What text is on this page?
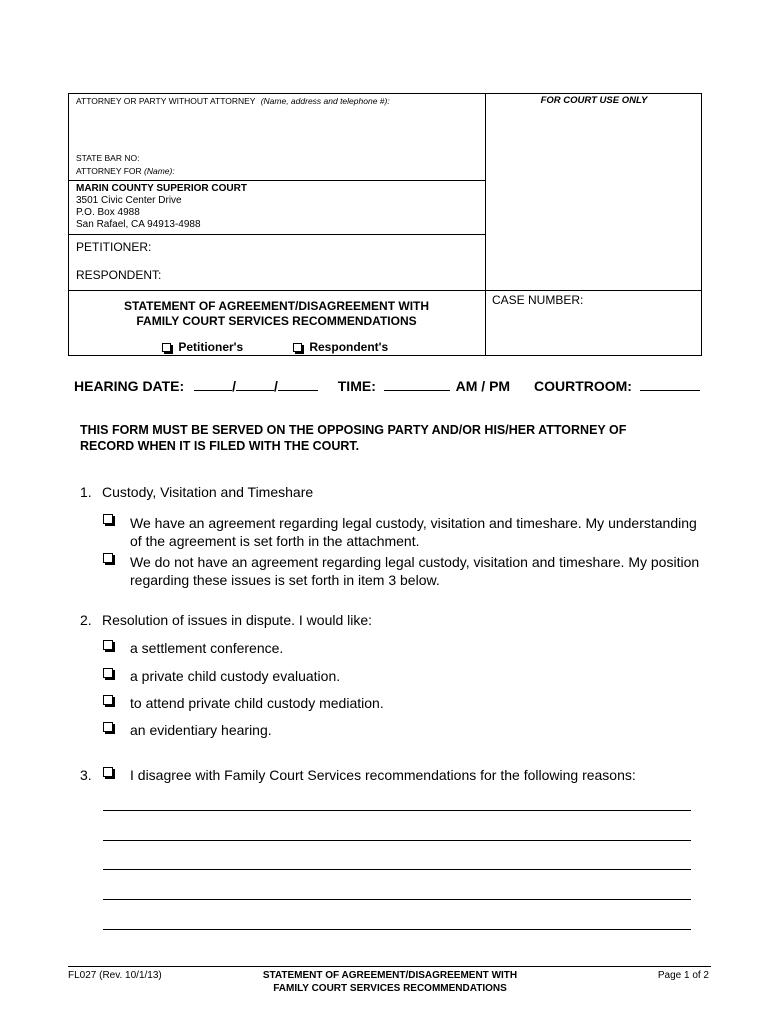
ATTORNEY OR PARTY WITHOUT ATTORNEY (Name, address and telephone #):	FOR COURT USE ONLY
STATE BAR NO:
ATTORNEY FOR (Name):
MARIN COUNTY SUPERIOR COURT
3501 Civic Center Drive
P.O. Box 4988
San Rafael, CA 94913-4988
PETITIONER:
RESPONDENT:
CASE NUMBER:
STATEMENT OF AGREEMENT/DISAGREEMENT WITH
FAMILY COURT SERVICES RECOMMENDATIONS
Petitioner's	Respondent's
HEARING DATE:	/	/	TIME:	AM / PM COURTROOM:
THIS FORM MUST BE SERVED ON THE OPPOSING PARTY AND/OR HIS/HER ATTORNEY OF
RECORD WHEN IT IS FILED WITH THE COURT.
1. Custody, Visitation and Timeshare
We have an agreement regarding legal custody, visitation and timeshare. My understanding
of the agreement is set forth in the attachment.
We do not have an agreement regarding legal custody, visitation and timeshare. My position
regarding these issues is set forth in item 3 below.
2. Resolution of issues in dispute. I would like:
a settlement conference.
a private child custody evaluation.
to attend private child custody mediation.
an evidentiary hearing.
3.	I disagree with Family Court Services recommendations for the following reasons:
FL027 (Rev. 10/1/13)	STATEMENT OF AGREEMENT/DISAGREEMENT WITH
FAMILY COURT SERVICES RECOMMENDATIONS
Page 1 of 2
